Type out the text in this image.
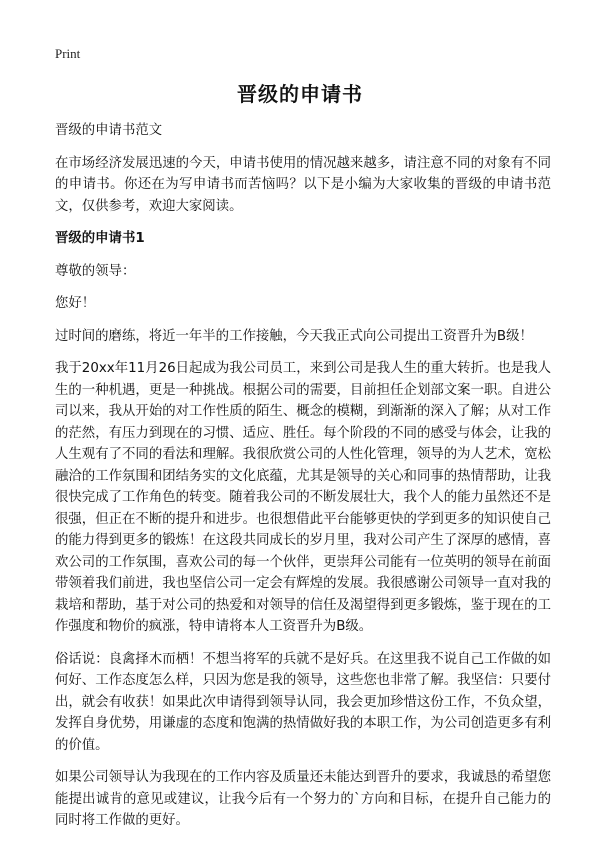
Print
晋级的申请书

晋级的申请书范文

在市场经济发展迅速的今天，申请书使用的情况越来越多，请注意不同的对象有不同的申请书。你还在为写申请书而苦恼吗？以下是小编为大家收集的晋级的申请书范文，仅供参考，欢迎大家阅读。

晋级的申请书1

尊敬的领导：

您好！

过时间的磨练，将近一年半的工作接触，今天我正式向公司提出工资晋升为B级！

我于20xx年11月26日起成为我公司员工，来到公司是我人生的重大转折。也是我人生的一种机遇，更是一种挑战。根据公司的需要，目前担任企划部文案一职。自进公司以来，我从开始的对工作性质的陌生、概念的模糊，到渐渐的深入了解；从对工作的茫然，有压力到现在的习惯、适应、胜任。每个阶段的不同的感受与体会，让我的人生观有了不同的看法和理解。我很欣赏公司的人性化管理，领导的为人艺术，宽松融洽的工作氛围和团结务实的文化底蕴，尤其是领导的关心和同事的热情帮助，让我很快完成了工作角色的转变。随着我公司的不断发展壮大，我个人的能力虽然还不是很强，但正在不断的提升和进步。也很想借此平台能够更快的学到更多的知识使自己的能力得到更多的锻炼！在这段共同成长的岁月里，我对公司产生了深厚的感情，喜欢公司的工作氛围，喜欢公司的每一个伙伴，更崇拜公司能有一位英明的领导在前面带领着我们前进，我也坚信公司一定会有辉煌的发展。我很感谢公司领导一直对我的栽培和帮助，基于对公司的热爱和对领导的信任及渴望得到更多锻炼，鉴于现在的工作强度和物价的疯涨，特申请将本人工资晋升为B级。

俗话说：良禽择木而栖！不想当将军的兵就不是好兵。在这里我不说自己工作做的如何好、工作态度怎么样，只因为您是我的领导，这些您也非常了解。我坚信：只要付出，就会有收获！如果此次申请得到领导认同，我会更加珍惜这份工作，不负众望，发挥自身优势，用谦虚的态度和饱满的热情做好我的本职工作，为公司创造更多有利的价值。

如果公司领导认为我现在的工作内容及质量还未能达到晋升的要求，我诚恳的希望您能提出诚肯的意见或建议，让我今后有一个努力的`方向和目标，在提升自己能力的同时将工作做的更好。
